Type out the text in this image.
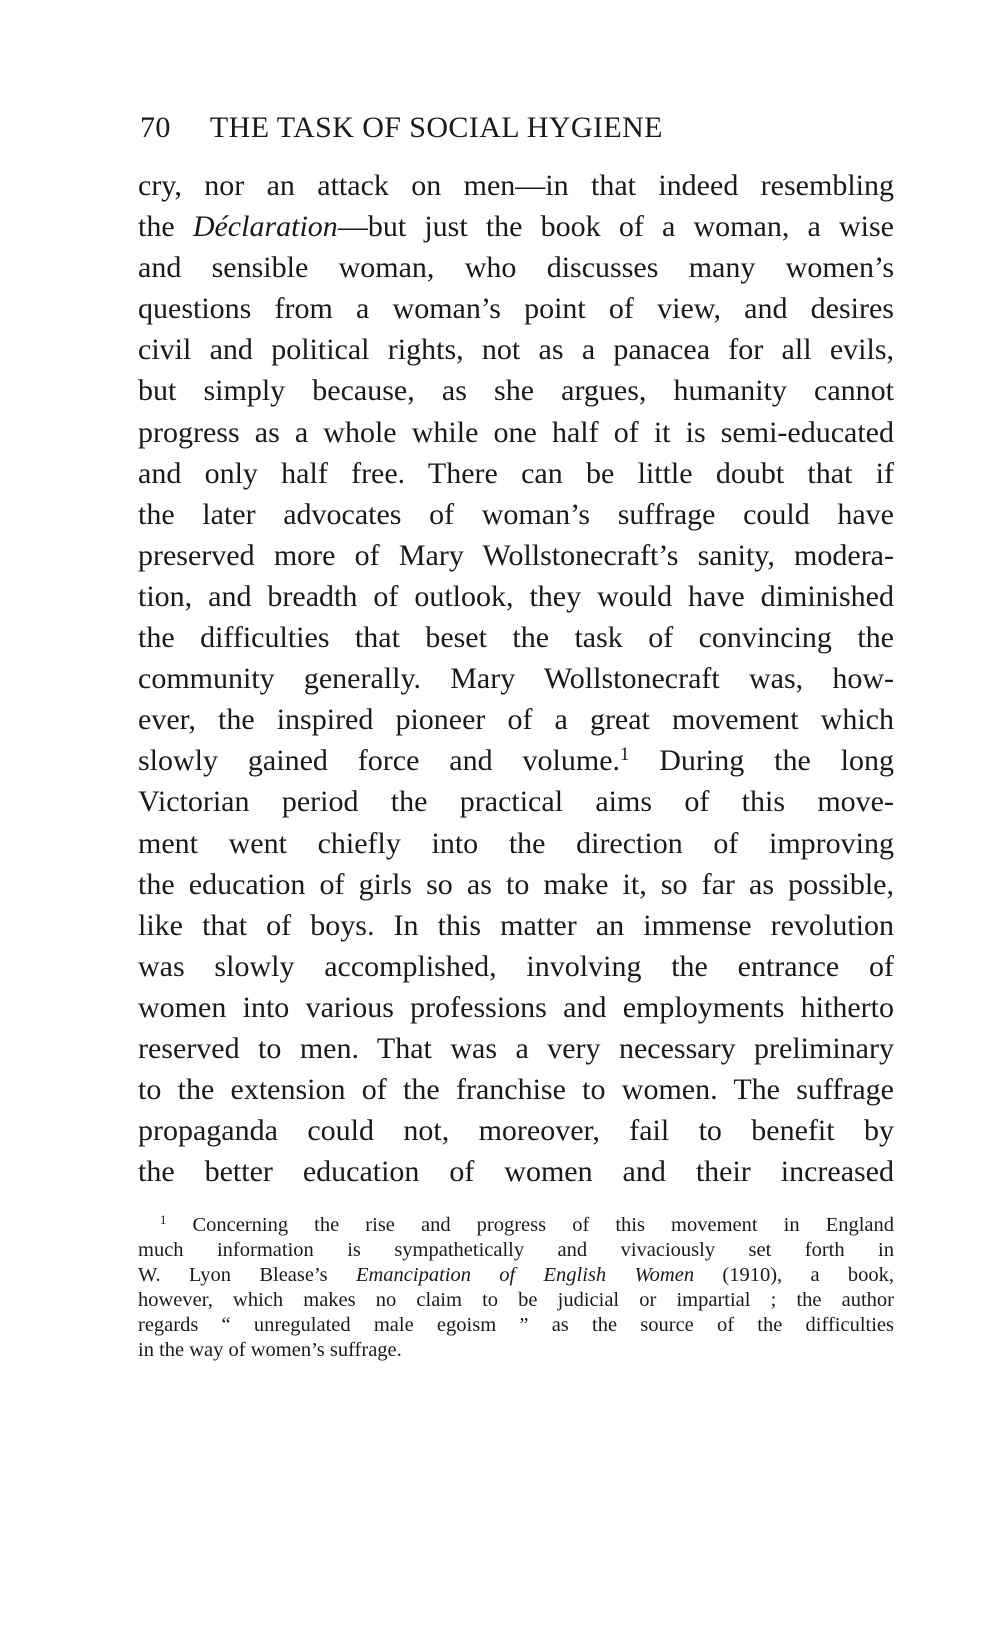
70 THE TASK OF SOCIAL HYGIENE
cry, nor an attack on men—in that indeed resembling
the Déclaration—but just the book of a woman, a wise
and sensible woman, who discusses many women’s
questions from a woman’s point of view, and desires
civil and political rights, not as a panacea for all evils,
but simply because, as she argues, humanity cannot
progress as a whole while one half of it is semi-educated
and only half free. There can be little doubt that if
the later advocates of woman’s suffrage could have
preserved more of Mary Wollstonecraft’s sanity, modera-
tion, and breadth of outlook, they would have diminished
the difficulties that beset the task of convincing the
community generally. Mary Wollstonecraft was, how-
ever, the inspired pioneer of a great movement which
slowly gained force and volume.$^1$ During the long
Victorian period the practical aims of this move-
ment went chiefly into the direction of improving
the education of girls so as to make it, so far as possible,
like that of boys. In this matter an immense revolution
was slowly accomplished, involving the entrance of
women into various professions and employments hitherto
reserved to men. That was a very necessary preliminary
to the extension of the franchise to women. The suffrage
propaganda could not, moreover, fail to benefit by
the better education of women and their increased
$^1$ Concerning the rise and progress of this movement in England
much information is sympathetically and vivaciously set forth in
W. Lyon Blease’s Emancipation of English Women (1910), a book,
however, which makes no claim to be judicial or impartial ; the author
regards “ unregulated male egoism ” as the source of the difficulties
in the way of women’s suffrage.
